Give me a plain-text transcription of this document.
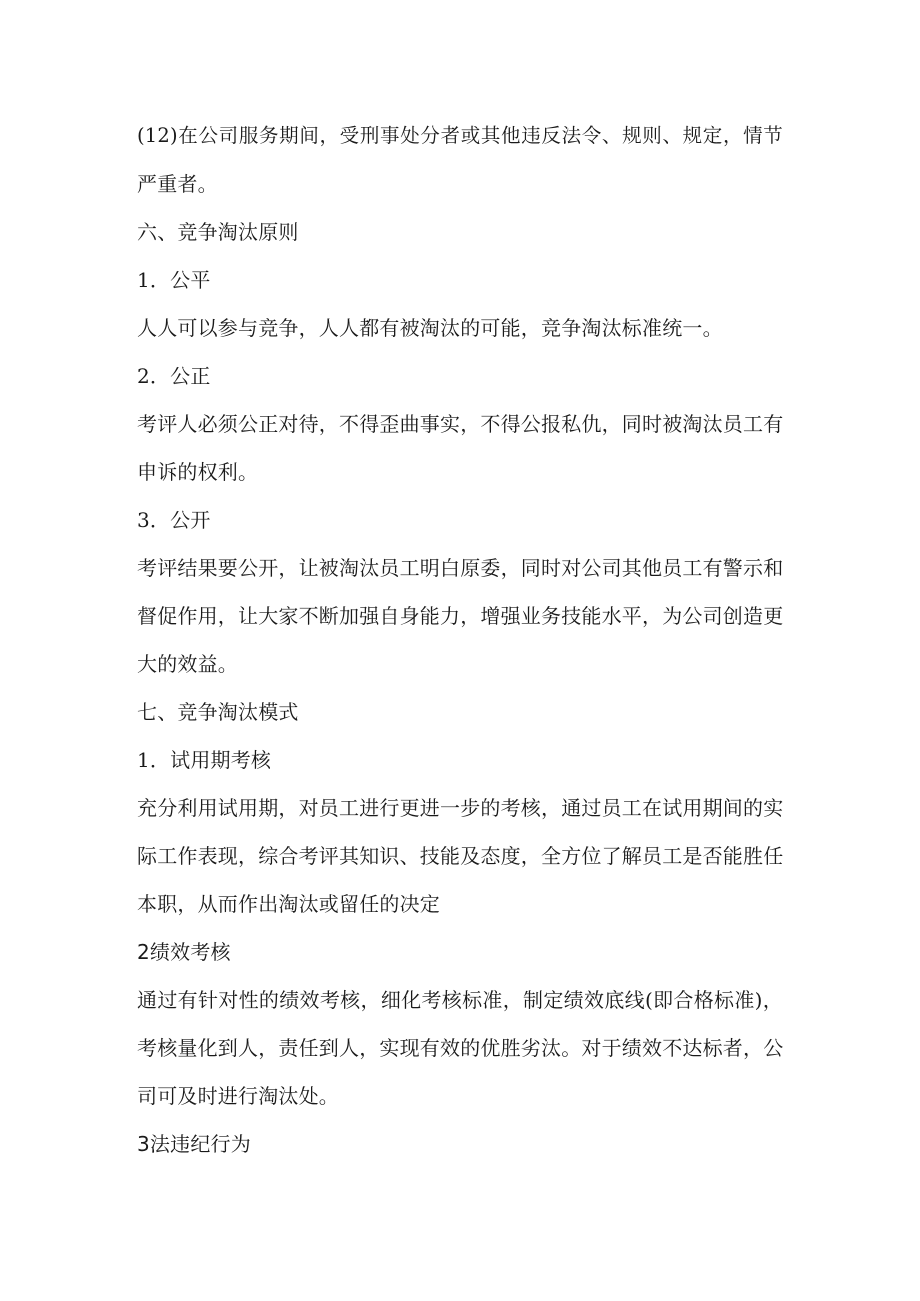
(12)在公司服务期间，受刑事处分者或其他违反法令、规则、规定，情节
严重者。
六、竞争淘汰原则
1．公平
人人可以参与竞争，人人都有被淘汰的可能，竞争淘汰标准统一。
2．公正
考评人必须公正对待，不得歪曲事实，不得公报私仇，同时被淘汰员工有
申诉的权利。
3．公开
考评结果要公开，让被淘汰员工明白原委，同时对公司其他员工有警示和
督促作用，让大家不断加强自身能力，增强业务技能水平，为公司创造更
大的效益。
七、竞争淘汰模式
1．试用期考核
充分利用试用期，对员工进行更进一步的考核，通过员工在试用期间的实
际工作表现，综合考评其知识、技能及态度，全方位了解员工是否能胜任
本职，从而作出淘汰或留任的决定
2绩效考核
通过有针对性的绩效考核，细化考核标准，制定绩效底线(即合格标准)，
考核量化到人，责任到人，实现有效的优胜劣汰。对于绩效不达标者，公
司可及时进行淘汰处。
3法违纪行为
